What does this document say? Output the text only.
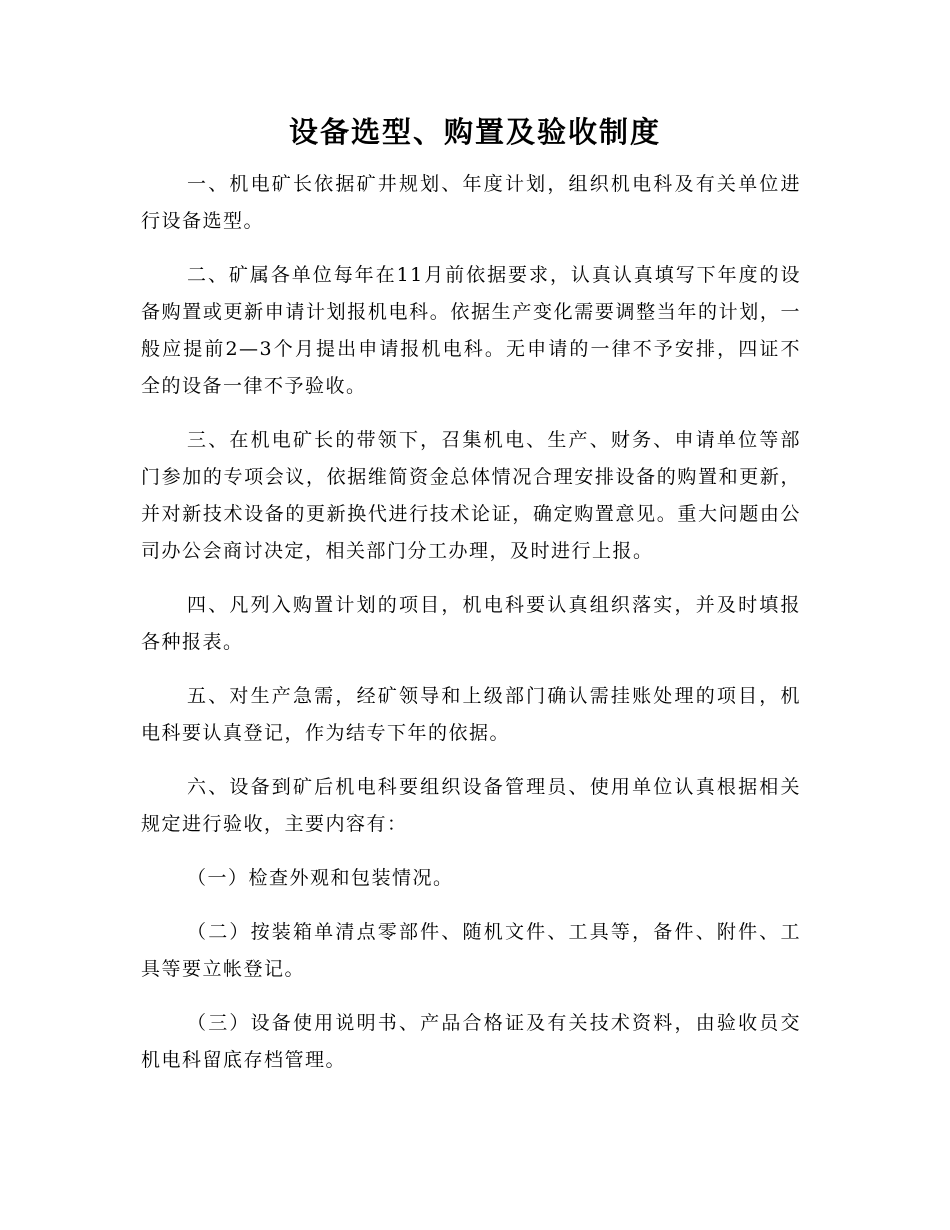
设备选型、购置及验收制度

一、机电矿长依据矿井规划、年度计划，组织机电科及有关单位进行设备选型。

二、矿属各单位每年在11月前依据要求，认真认真填写下年度的设备购置或更新申请计划报机电科。依据生产变化需要调整当年的计划，一般应提前2—3个月提出申请报机电科。无申请的一律不予安排，四证不全的设备一律不予验收。

三、在机电矿长的带领下，召集机电、生产、财务、申请单位等部门参加的专项会议，依据维简资金总体情况合理安排设备的购置和更新，并对新技术设备的更新换代进行技术论证，确定购置意见。重大问题由公司办公会商讨决定，相关部门分工办理，及时进行上报。

四、凡列入购置计划的项目，机电科要认真组织落实，并及时填报各种报表。

五、对生产急需，经矿领导和上级部门确认需挂账处理的项目，机电科要认真登记，作为结专下年的依据。

六、设备到矿后机电科要组织设备管理员、使用单位认真根据相关规定进行验收，主要内容有：

（一）检查外观和包装情况。

（二）按装箱单清点零部件、随机文件、工具等，备件、附件、工具等要立帐登记。

（三）设备使用说明书、产品合格证及有关技术资料，由验收员交机电科留底存档管理。
